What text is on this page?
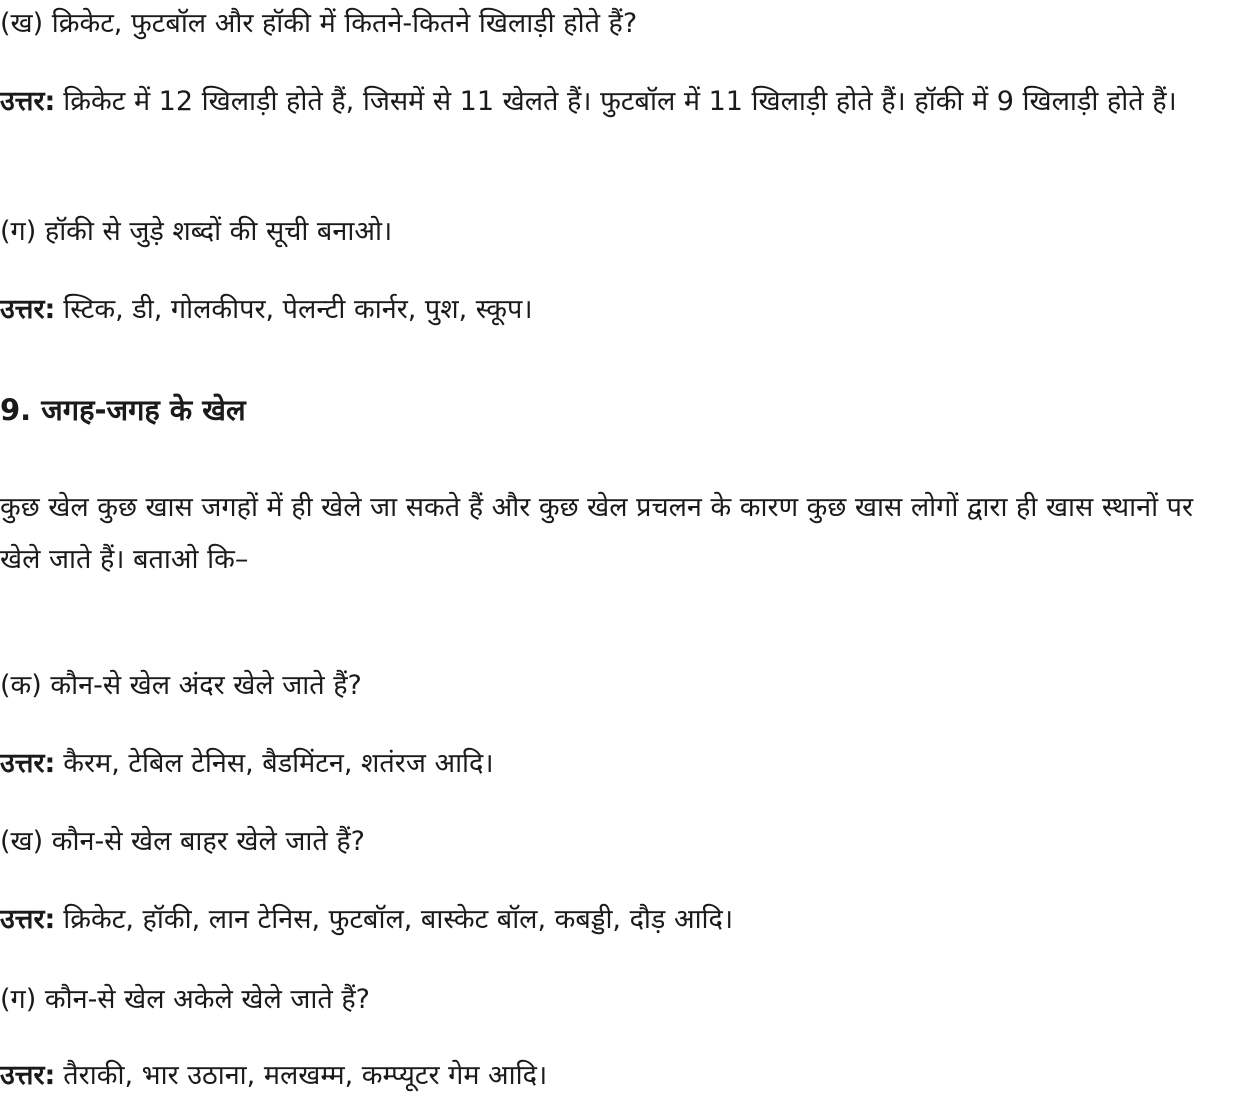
(ख) क्रिकेट, फुटबॉल और हॉकी में कितने-कितने खिलाड़ी होते हैं?

उत्तर: क्रिकेट में 12 खिलाड़ी होते हैं, जिसमें से 11 खेलते हैं। फुटबॉल में 11 खिलाड़ी होते हैं। हॉकी में 9 खिलाड़ी होते हैं।

(ग) हॉकी से जुड़े शब्दों की सूची बनाओ।

उत्तर: स्टिक, डी, गोलकीपर, पेलन्टी कार्नर, पुश, स्कूप।

9. जगह-जगह के खेल

कुछ खेल कुछ खास जगहों में ही खेले जा सकते हैं और कुछ खेल प्रचलन के कारण कुछ खास लोगों द्वारा ही खास स्थानों पर खेले जाते हैं। बताओ कि–

(क) कौन-से खेल अंदर खेले जाते हैं?

उत्तर: कैरम, टेबिल टेनिस, बैडमिंटन, शतंरज आदि।

(ख) कौन-से खेल बाहर खेले जाते हैं?

उत्तर: क्रिकेट, हॉकी, लान टेनिस, फुटबॉल, बास्केट बॉल, कबड्डी, दौड़ आदि।

(ग) कौन-से खेल अकेले खेले जाते हैं?

उत्तर: तैराकी, भार उठाना, मलखम्म, कम्प्यूटर गेम आदि।
